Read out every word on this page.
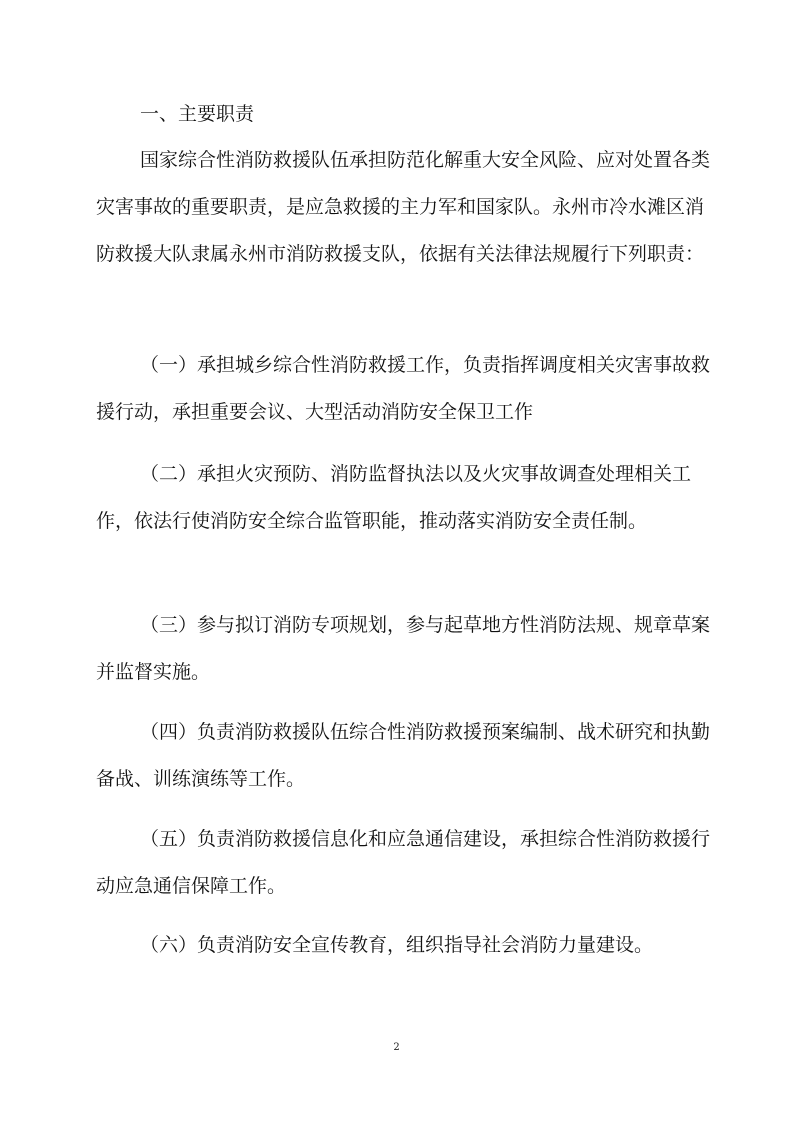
一、主要职责
国家综合性消防救援队伍承担防范化解重大安全风险、应对处置各类灾害事故的重要职责，是应急救援的主力军和国家队。永州市冷水滩区消防救援大队隶属永州市消防救援支队，依据有关法律法规履行下列职责：
（一）承担城乡综合性消防救援工作，负责指挥调度相关灾害事故救援行动，承担重要会议、大型活动消防安全保卫工作
（二）承担火灾预防、消防监督执法以及火灾事故调查处理相关工作，依法行使消防安全综合监管职能，推动落实消防安全责任制。
（三）参与拟订消防专项规划，参与起草地方性消防法规、规章草案并监督实施。
（四）负责消防救援队伍综合性消防救援预案编制、战术研究和执勤备战、训练演练等工作。
（五）负责消防救援信息化和应急通信建设，承担综合性消防救援行动应急通信保障工作。
（六）负责消防安全宣传教育，组织指导社会消防力量建设。
2
